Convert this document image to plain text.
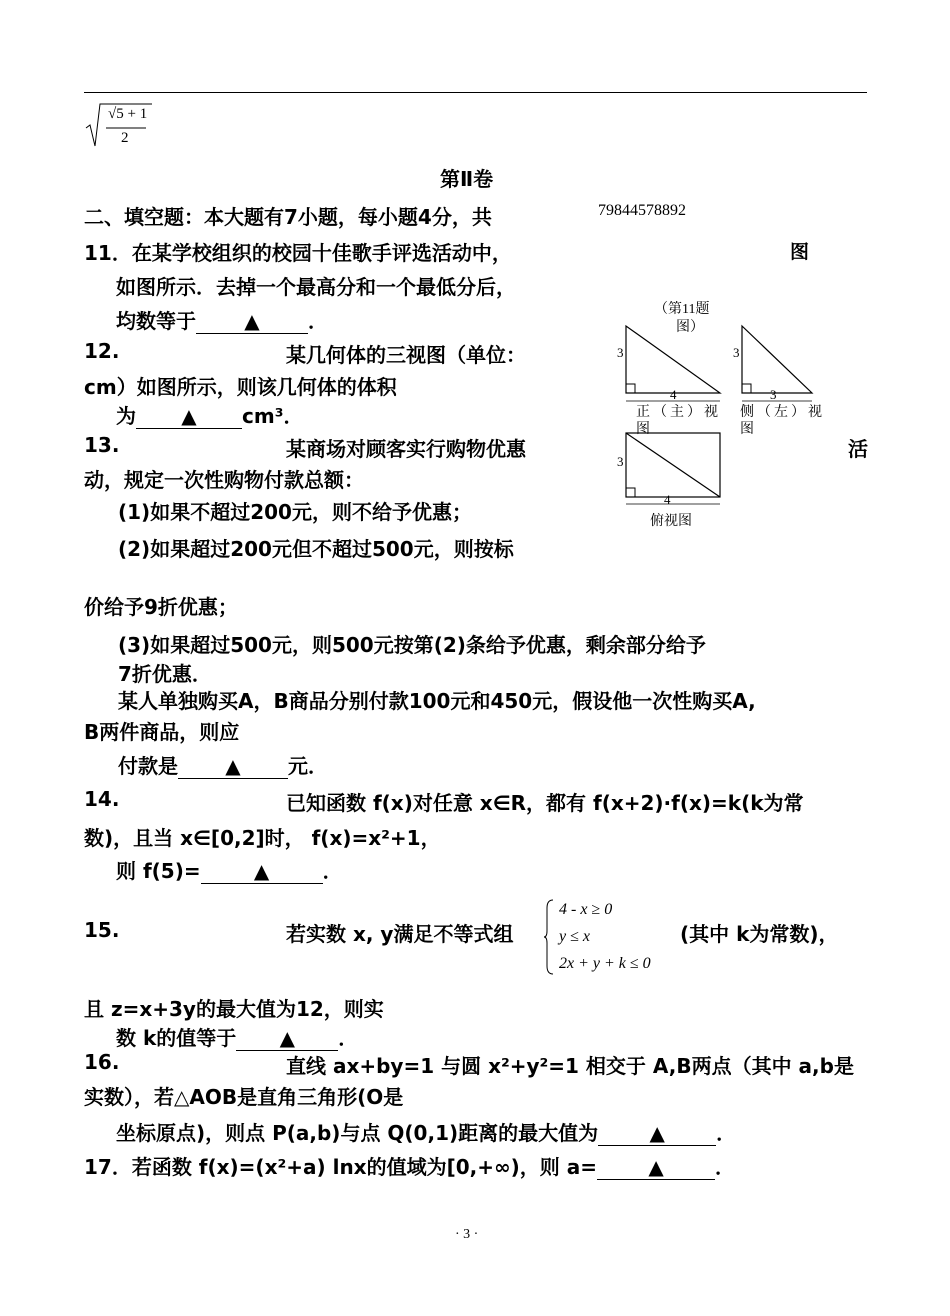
√5 + 1
2
第Ⅱ卷
二、填空题：本大题有7小题，每小题4分，共	79844578892
11．在某学校组织的校园十佳歌手评选活动中，	图
如图所示．去掉一个最高分和一个最低分后，
均数等于 ▲ ．	（第11题
图）
3	3
4	3
3
4
正（主）视图
侧（左）视图
俯视图
12.	某几何体的三视图（单位：
cm）如图所示，则该几何体的体积
为 ▲ cm³．
13.	某商场对顾客实行购物优惠	活
动，规定一次性购物付款总额：
(1)如果不超过200元，则不给予优惠；
(2)如果超过200元但不超过500元，则按标
价给予9折优惠；
(3)如果超过500元，则500元按第(2)条给予优惠，剩余部分给予
7折优惠．
某人单独购买A，B商品分别付款100元和450元，假设他一次性购买A,
B两件商品，则应
付款是 ▲ 元．
14.	已知函数 f(x)对任意 x∈R，都有 f(x+2)·f(x)=k(k为常
数)，且当 x∈[0,2]时， f(x)=x²+1，
则 f(5)=	▲	．
15.	若实数 x, y满足不等式组
4 - x ≥ 0
y ≤ x
2x + y + k ≤ 0
(其中 k为常数)，
且 z=x+3y的最大值为12，则实
数 k的值等于 ▲ ．
16.	直线 ax+by=1 与圆 x²+y²=1 相交于 A,B两点（其中 a,b是
实数），若△AOB是直角三角形(O是
坐标原点)，则点 P(a,b)与点 Q(0,1)距离的最大值为	▲	．
17．若函数 f(x)=(x²+a) lnx的值域为[0,+∞)，则 a=	▲	．
· 3 ·
